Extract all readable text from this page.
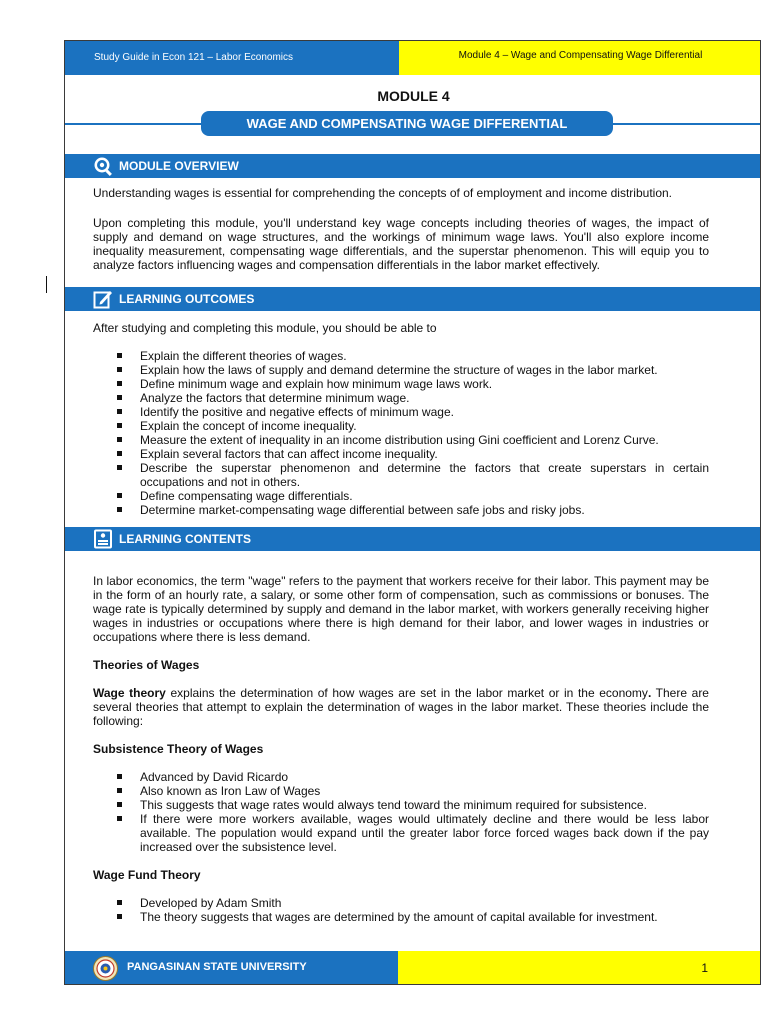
Study Guide in Econ 121 – Labor Economics	Module 4 – Wage and Compensating Wage Differential
MODULE 4
WAGE AND COMPENSATING WAGE DIFFERENTIAL
MODULE OVERVIEW
Understanding wages is essential for comprehending the concepts of of employment and income distribution.
Upon completing this module, you'll understand key wage concepts including theories of wages, the impact of supply and demand on wage structures, and the workings of minimum wage laws. You'll also explore income inequality measurement, compensating wage differentials, and the superstar phenomenon. This will equip you to analyze factors influencing wages and compensation differentials in the labor market effectively.
LEARNING OUTCOMES
After studying and completing this module, you should be able to
Explain the different theories of wages.
Explain how the laws of supply and demand determine the structure of wages in the labor market.
Define minimum wage and explain how minimum wage laws work.
Analyze the factors that determine minimum wage.
Identify the positive and negative effects of minimum wage.
Explain the concept of income inequality.
Measure the extent of inequality in an income distribution using Gini coefficient and Lorenz Curve.
Explain several factors that can affect income inequality.
Describe the superstar phenomenon and determine the factors that create superstars in certain occupations and not in others.
Define compensating wage differentials.
Determine market-compensating wage differential between safe jobs and risky jobs.
LEARNING CONTENTS
In labor economics, the term "wage" refers to the payment that workers receive for their labor. This payment may be in the form of an hourly rate, a salary, or some other form of compensation, such as commissions or bonuses. The wage rate is typically determined by supply and demand in the labor market, with workers generally receiving higher wages in industries or occupations where there is high demand for their labor, and lower wages in industries or occupations where there is less demand.
Theories of Wages
Wage theory explains the determination of how wages are set in the labor market or in the economy. There are several theories that attempt to explain the determination of wages in the labor market. These theories include the following:
Subsistence Theory of Wages
Advanced by David Ricardo
Also known as Iron Law of Wages
This suggests that wage rates would always tend toward the minimum required for subsistence.
If there were more workers available, wages would ultimately decline and there would be less labor available. The population would expand until the greater labor force forced wages back down if the pay increased over the subsistence level.
Wage Fund Theory
Developed by Adam Smith
The theory suggests that wages are determined by the amount of capital available for investment.
PANGASINAN STATE UNIVERSITY	1
